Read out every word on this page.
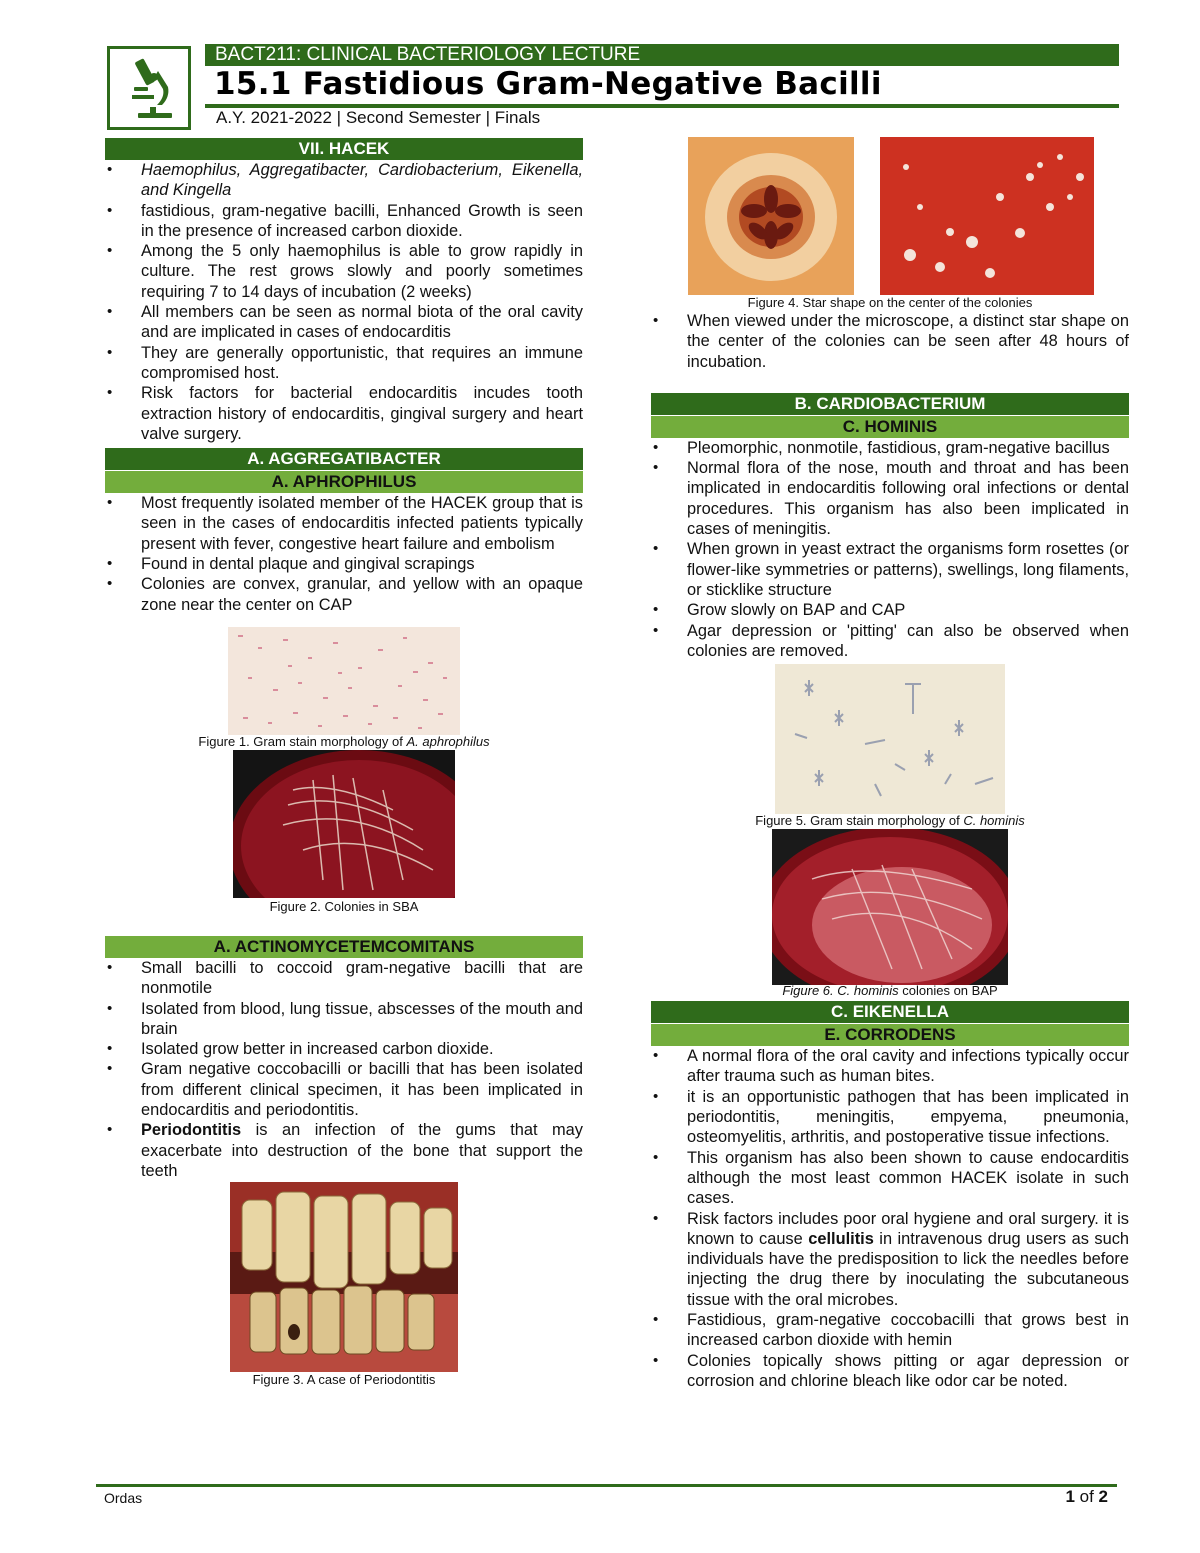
BACT211: CLINICAL BACTERIOLOGY LECTURE
15.1 Fastidious Gram-Negative Bacilli
A.Y. 2021-2022 | Second Semester | Finals
VII. HACEK
• Haemophilus, Aggregatibacter, Cardiobacterium, Eikenella, and Kingella
• fastidious, gram-negative bacilli, Enhanced Growth is seen in the presence of increased carbon dioxide.
• Among the 5 only haemophilus is able to grow rapidly in culture. The rest grows slowly and poorly sometimes requiring 7 to 14 days of incubation (2 weeks)
• All members can be seen as normal biota of the oral cavity and are implicated in cases of endocarditis
• They are generally opportunistic, that requires an immune compromised host.
• Risk factors for bacterial endocarditis incudes tooth extraction history of endocarditis, gingival surgery and heart valve surgery.
A. AGGREGATIBACTER
A. APHROPHILUS
• Most frequently isolated member of the HACEK group that is seen in the cases of endocarditis infected patients typically present with fever, congestive heart failure and embolism
• Found in dental plaque and gingival scrapings
• Colonies are convex, granular, and yellow with an opaque zone near the center on CAP
Figure 1. Gram stain morphology of A. aphrophilus
Figure 2. Colonies in SBA
A. ACTINOMYCETEMCOMITANS
• Small bacilli to coccoid gram-negative bacilli that are nonmotile
• Isolated from blood, lung tissue, abscesses of the mouth and brain
• Isolated grow better in increased carbon dioxide.
• Gram negative coccobacilli or bacilli that has been isolated from different clinical specimen, it has been implicated in endocarditis and periodontitis.
• Periodontitis is an infection of the gums that may exacerbate into destruction of the bone that support the teeth
Figure 3. A case of Periodontitis
Figure 4. Star shape on the center of the colonies
• When viewed under the microscope, a distinct star shape on the center of the colonies can be seen after 48 hours of incubation.
B. CARDIOBACTERIUM
C. HOMINIS
• Pleomorphic, nonmotile, fastidious, gram-negative bacillus
• Normal flora of the nose, mouth and throat and has been implicated in endocarditis following oral infections or dental procedures. This organism has also been implicated in cases of meningitis.
• When grown in yeast extract the organisms form rosettes (or flower-like symmetries or patterns), swellings, long filaments, or sticklike structure
• Grow slowly on BAP and CAP
• Agar depression or 'pitting' can also be observed when colonies are removed.
Figure 5. Gram stain morphology of C. hominis
Figure 6. C. hominis colonies on BAP
C. EIKENELLA
E. CORRODENS
• A normal flora of the oral cavity and infections typically occur after trauma such as human bites.
• it is an opportunistic pathogen that has been implicated in periodontitis, meningitis, empyema, pneumonia, osteomyelitis, arthritis, and postoperative tissue infections.
• This organism has also been shown to cause endocarditis although the most least common HACEK isolate in such cases.
• Risk factors includes poor oral hygiene and oral surgery. it is known to cause cellulitis in intravenous drug users as such individuals have the predisposition to lick the needles before injecting the drug there by inoculating the subcutaneous tissue with the oral microbes.
• Fastidious, gram-negative coccobacilli that grows best in increased carbon dioxide with hemin
• Colonies topically shows pitting or agar depression or corrosion and chlorine bleach like odor car be noted.
Ordas	1 of 2
